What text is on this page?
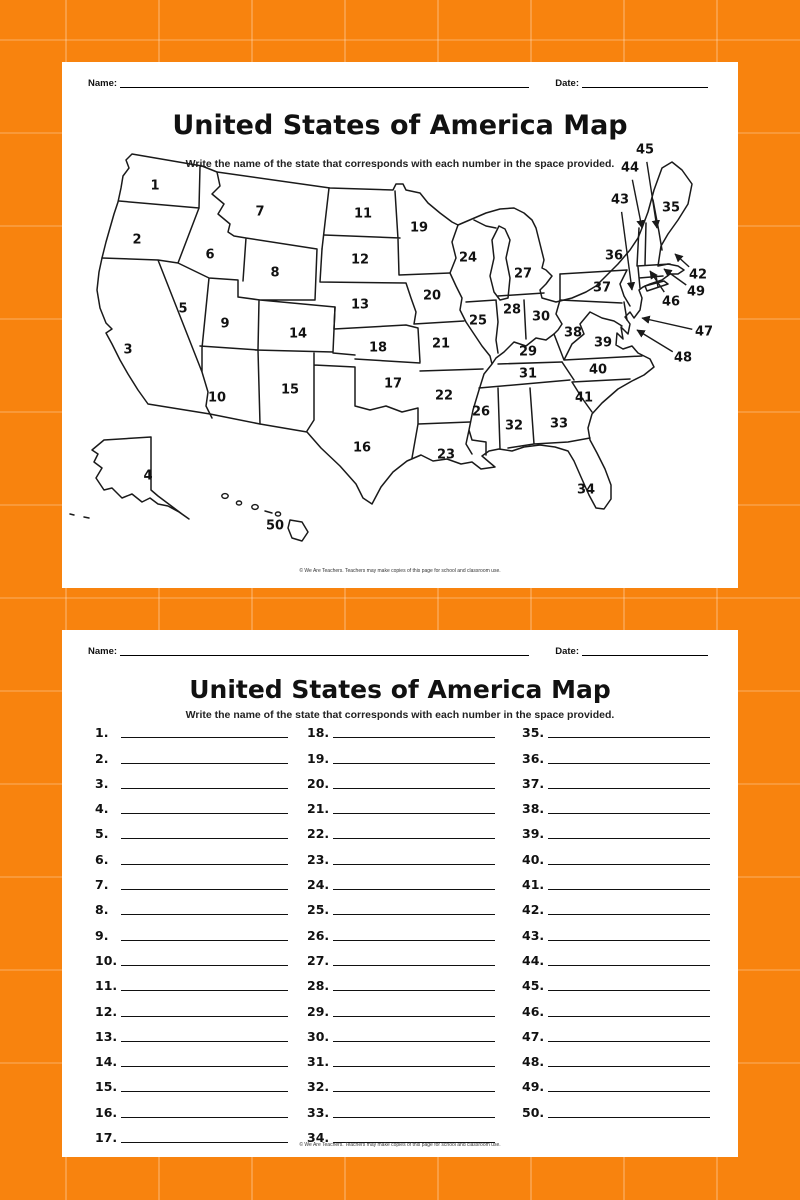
Name:	Date:
United States of America Map
Write the name of the state that corresponds with each number in the space provided.
1
2
3
4
5
6
7
8
9
10
11
12
13
14
15
16
17
18
19
20
21
22
23
24
25
26
27
28
29
30
31
32 33
34
35
36
37
38
39
40
41
50
42
43
44
45
46
47
48
49
© We Are Teachers. Teachers may make copies of this page for school and classroom use.
Name:	Date:
United States of America Map
Write the name of the state that corresponds with each number in the space provided.
1.
2.
3.
4.
5.
6.
7.
8.
9.
10.
11.
12.
13.
14.
15.
16.
17.
18.
19.
20.
21.
22.
23.
24.
25.
26.
27.
28.
29.
30.
31.
32.
33.
34.
35.
36.
37.
38.
39.
40.
41.
42.
43.
44.
45.
46.
47.
48.
49.
50.
© We Are Teachers. Teachers may make copies of this page for school and classroom use.
